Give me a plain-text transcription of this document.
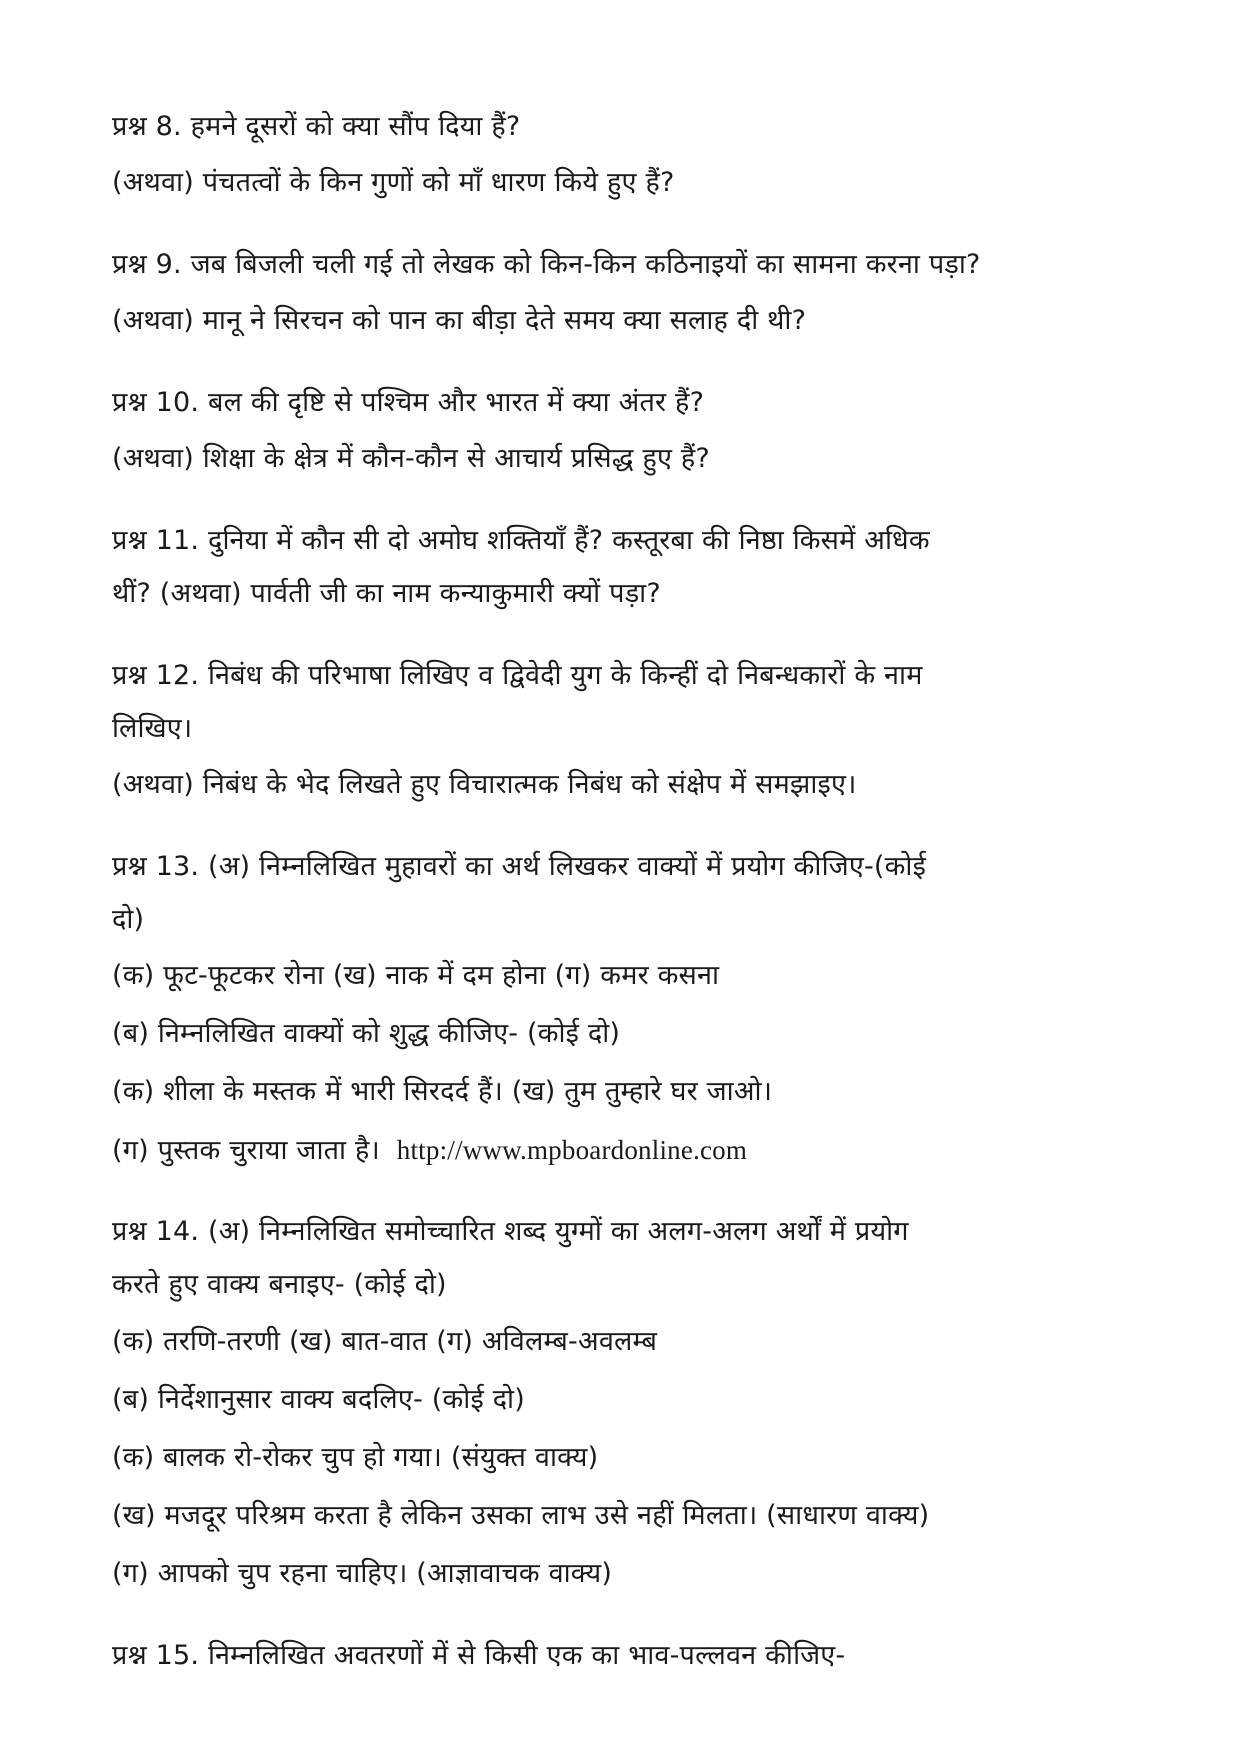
प्रश्न 8. हमने दूसरों को क्या सौंप दिया हैं?
(अथवा) पंचतत्वों के किन गुणों को माँ धारण किये हुए हैं?
प्रश्न 9. जब बिजली चली गई तो लेखक को किन-किन कठिनाइयों का सामना करना पड़ा?
(अथवा) मानू ने सिरचन को पान का बीड़ा देते समय क्या सलाह दी थी?
प्रश्न 10. बल की दृष्टि से पश्चिम और भारत में क्या अंतर हैं?
(अथवा) शिक्षा के क्षेत्र में कौन-कौन से आचार्य प्रसिद्ध हुए हैं?
प्रश्न 11. दुनिया में कौन सी दो अमोघ शक्तियाँ हैं? कस्तूरबा की निष्ठा किसमें अधिक
थीं? (अथवा) पार्वती जी का नाम कन्याकुमारी क्यों पड़ा?
प्रश्न 12. निबंध की परिभाषा लिखिए व द्विवेदी युग के किन्हीं दो निबन्धकारों के नाम
लिखिए।
(अथवा) निबंध के भेद लिखते हुए विचारात्मक निबंध को संक्षेप में समझाइए।
प्रश्न 13. (अ) निम्नलिखित मुहावरों का अर्थ लिखकर वाक्यों में प्रयोग कीजिए-(कोई
दो)
(क) फूट-फूटकर रोना (ख) नाक में दम होना (ग) कमर कसना
(ब) निम्नलिखित वाक्यों को शुद्ध कीजिए- (कोई दो)
(क) शीला के मस्तक में भारी सिरदर्द हैं। (ख) तुम तुम्हारे घर जाओ।
(ग) पुस्तक चुराया जाता है। http://www.mpboardonline.com
प्रश्न 14. (अ) निम्नलिखित समोच्चारित शब्द युग्मों का अलग-अलग अर्थों में प्रयोग
करते हुए वाक्य बनाइए- (कोई दो)
(क) तरणि-तरणी (ख) बात-वात (ग) अविलम्ब-अवलम्ब
(ब) निर्देशानुसार वाक्य बदलिए- (कोई दो)
(क) बालक रो-रोकर चुप हो गया। (संयुक्त वाक्य)
(ख) मजदूर परिश्रम करता है लेकिन उसका लाभ उसे नहीं मिलता। (साधारण वाक्य)
(ग) आपको चुप रहना चाहिए। (आज्ञावाचक वाक्य)
प्रश्न 15. निम्नलिखित अवतरणों में से किसी एक का भाव-पल्लवन कीजिए-
